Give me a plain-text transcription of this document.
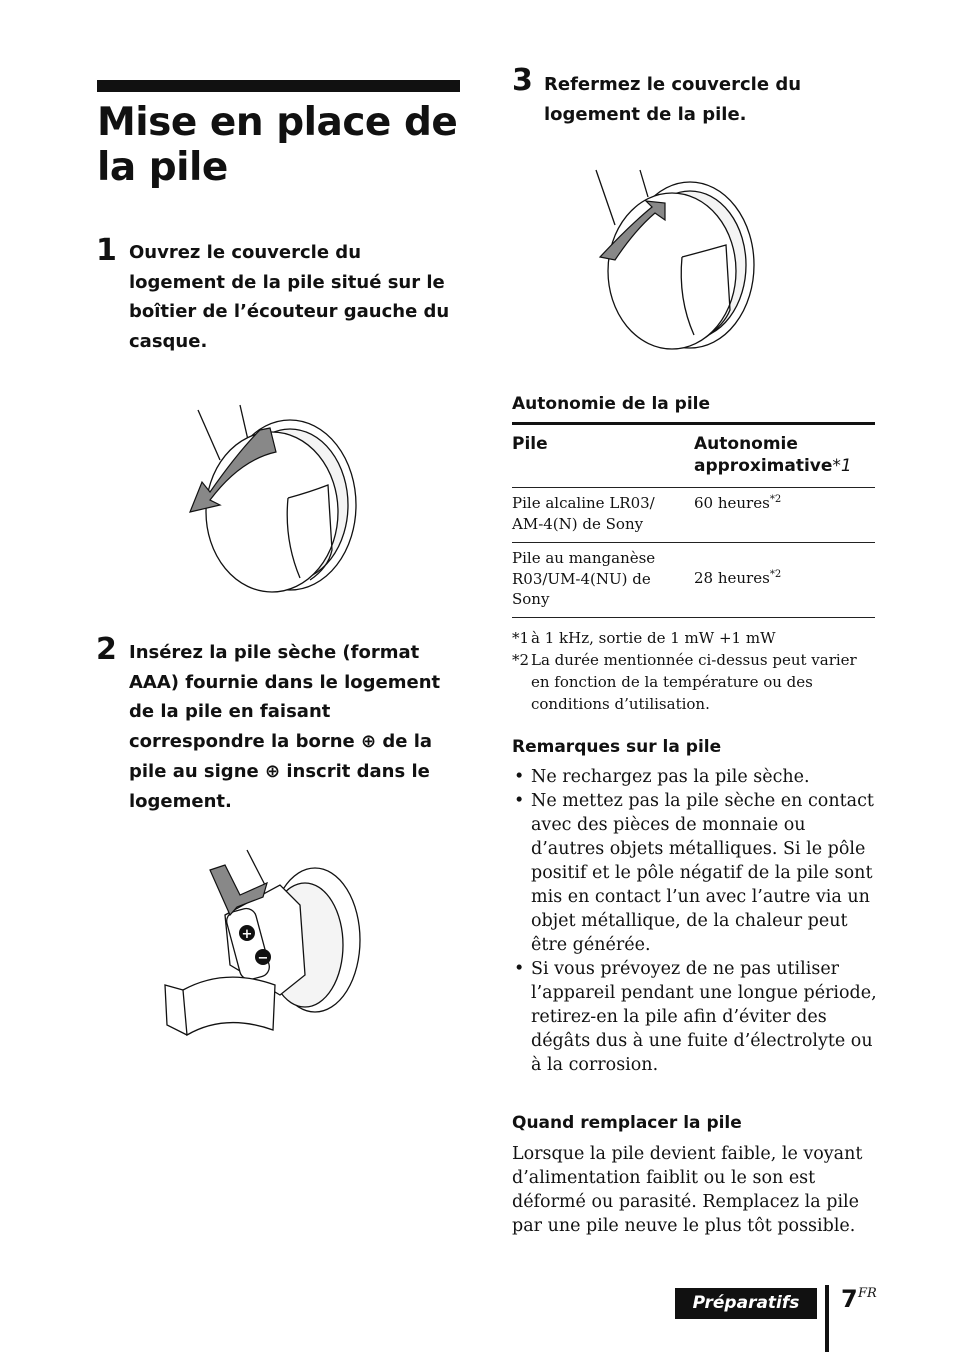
Mise en place de la pile
1 Ouvrez le couvercle du logement de la pile situé sur le boîtier de l’écouteur gauche du casque.
2 Insérez la pile sèche (format
AAA) fournie dans le logement
de la pile en faisant
correspondre la borne ⊕ de la
pile au signe ⊕ inscrit dans le
logement.
+
−
3 Refermez le couvercle du logement de la pile.
Autonomie de la pile
Pile	Autonomie
approximative*1
Pile alcaline LR03/
AM-4(N) de Sony
60 heures$^{*2}$
Pile au manganèse
R03/UM-4(NU) de
Sony
28 heures$^{*2}$
*1 à 1 kHz, sortie de 1 mW +1 mW
*2 La durée mentionnée ci-dessus peut varier en fonction de la température ou des conditions d’utilisation.
Remarques sur la pile
• Ne rechargez pas la pile sèche.
• Ne mettez pas la pile sèche en contact avec des pièces de monnaie ou d’autres objets métalliques. Si le pôle positif et le pôle négatif de la pile sont mis en contact l’un avec l’autre via un objet métallique, de la chaleur peut être générée.
• Si vous prévoyez de ne pas utiliser l’appareil pendant une longue période, retirez-en la pile afin d’éviter des dégâts dus à une fuite d’électrolyte ou à la corrosion.
Quand remplacer la pile

Lorsque la pile devient faible, le voyant d’alimentation faiblit ou le son est déformé ou parasité. Remplacez la pile par une pile neuve le plus tôt possible.

Préparatifs	7 FR
